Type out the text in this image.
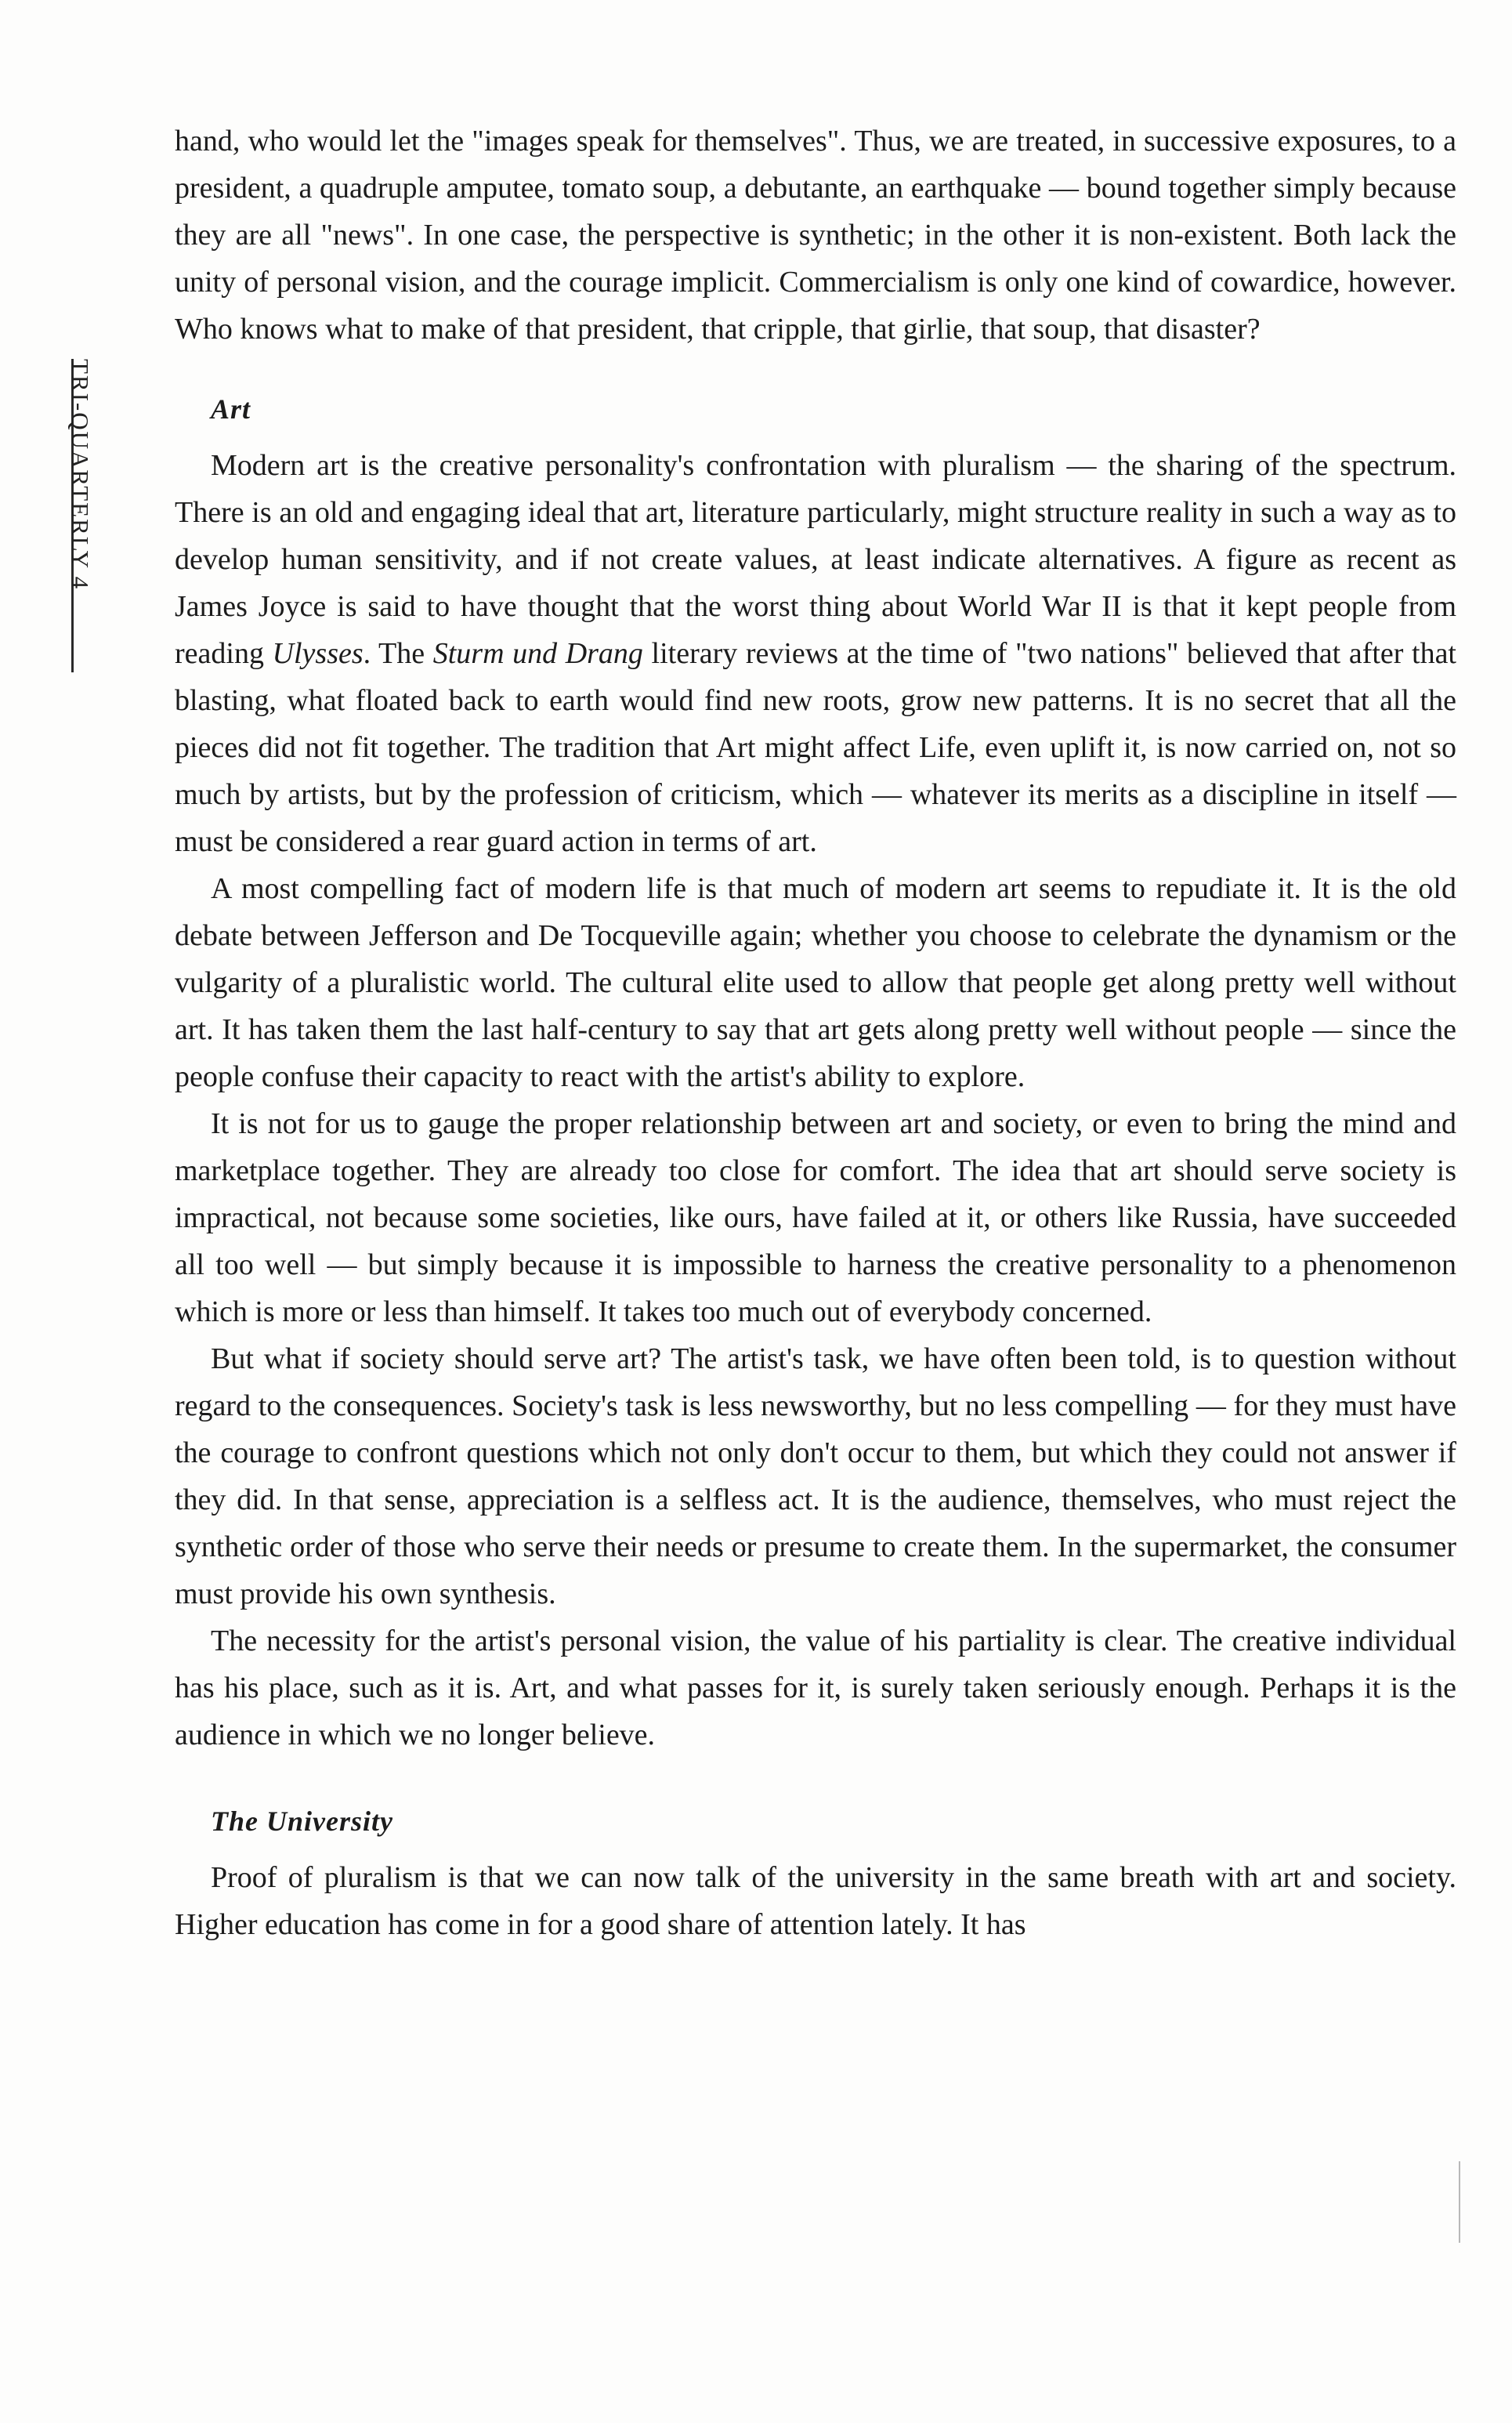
TRI-QUARTERLY 4

hand, who would let the "images speak for themselves". Thus, we are treated, in successive exposures, to a president, a quadruple amputee, tomato soup, a debutante, an earthquake — bound together simply because they are all "news". In one case, the perspective is synthetic; in the other it is non-existent. Both lack the unity of personal vision, and the courage implicit. Commercialism is only one kind of cowardice, however. Who knows what to make of that president, that cripple, that girlie, that soup, that disaster?

Art

Modern art is the creative personality's confrontation with pluralism — the sharing of the spectrum. There is an old and engaging ideal that art, literature particularly, might structure reality in such a way as to develop human sensitivity, and if not create values, at least indicate alternatives. A figure as recent as James Joyce is said to have thought that the worst thing about World War II is that it kept people from reading Ulysses. The Sturm und Drang literary reviews at the time of "two nations" believed that after that blasting, what floated back to earth would find new roots, grow new patterns. It is no secret that all the pieces did not fit together. The tradition that Art might affect Life, even uplift it, is now carried on, not so much by artists, but by the profession of criticism, which — whatever its merits as a discipline in itself — must be considered a rear guard action in terms of art.

A most compelling fact of modern life is that much of modern art seems to repudiate it. It is the old debate between Jefferson and De Tocqueville again; whether you choose to celebrate the dynamism or the vulgarity of a pluralistic world. The cultural elite used to allow that people get along pretty well without art. It has taken them the last half-century to say that art gets along pretty well without people — since the people confuse their capacity to react with the artist's ability to explore.

It is not for us to gauge the proper relationship between art and society, or even to bring the mind and marketplace together. They are already too close for comfort. The idea that art should serve society is impractical, not because some societies, like ours, have failed at it, or others like Russia, have succeeded all too well — but simply because it is impossible to harness the creative personality to a phenomenon which is more or less than himself. It takes too much out of everybody concerned.

But what if society should serve art? The artist's task, we have often been told, is to question without regard to the consequences. Society's task is less newsworthy, but no less compelling — for they must have the courage to confront questions which not only don't occur to them, but which they could not answer if they did. In that sense, appreciation is a selfless act. It is the audience, themselves, who must reject the synthetic order of those who serve their needs or presume to create them. In the supermarket, the consumer must provide his own synthesis.

The necessity for the artist's personal vision, the value of his partiality is clear. The creative individual has his place, such as it is. Art, and what passes for it, is surely taken seriously enough. Perhaps it is the audience in which we no longer believe.

The University

Proof of pluralism is that we can now talk of the university in the same breath with art and society. Higher education has come in for a good share of attention lately. It has
